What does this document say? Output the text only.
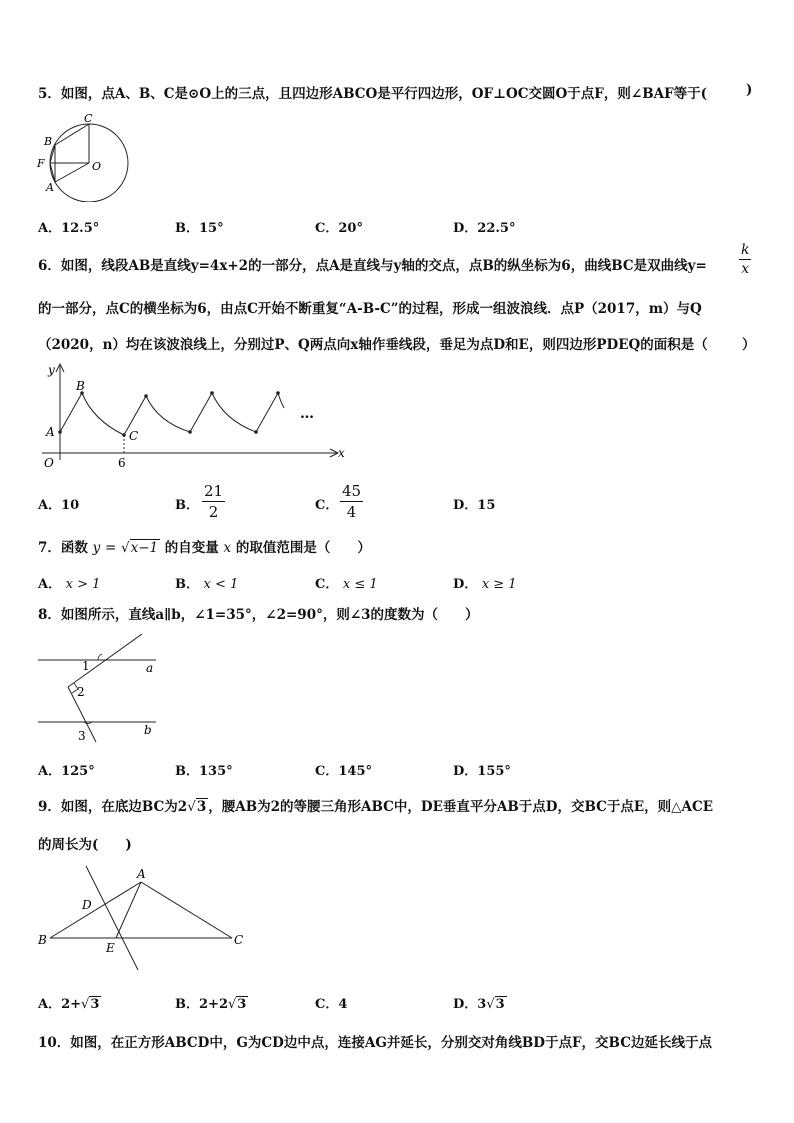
5．如图，点A、B、C是⊙O上的三点，且四边形ABCO是平行四边形，OF⊥OC交圆O于点F，则∠BAF等于(	)
C
B
F	O
A
A．12.5°	B．15°	C．20°	D．22.5°
6．如图，线段AB是直线y=4x+2的一部分，点A是直线与y轴的交点，点B的纵坐标为6，曲线BC是双曲线y=
k
x
的一部分，点C的横坐标为6，由点C开始不断重复“A-B-C”的过程，形成一组波浪线．点P（2017，m）与Q
（2020，n）均在该波浪线上，分别过P、Q两点向x轴作垂线段，垂足为点D和E，则四边形PDEQ的面积是（	）
y
x
B
A	C
O	6
…
A．10	B．
21
2	C．
45
4	D．15
7．函数 y = √x−1 的自变量 x 的取值范围是（　　）
A． x > 1	B． x < 1	C． x ≤ 1	D． x ≥ 1
8．如图所示，直线a∥b，∠1=35°，∠2=90°，则∠3的度数为（　　）
1
2
3
a
b
A．125°	B．135°	C．145°	D．155°
9．如图，在底边BC为2√3 ，腰AB为2的等腰三角形ABC中，DE垂直平分AB于点D，交BC于点E，则△ACE
的周长为(　　)
A
D
B
E
C
A．2+√3	B．2+2√3	C．4	D．3√3
10．如图，在正方形ABCD中，G为CD边中点，连接AG并延长，分别交对角线BD于点F，交BC边延长线于点
